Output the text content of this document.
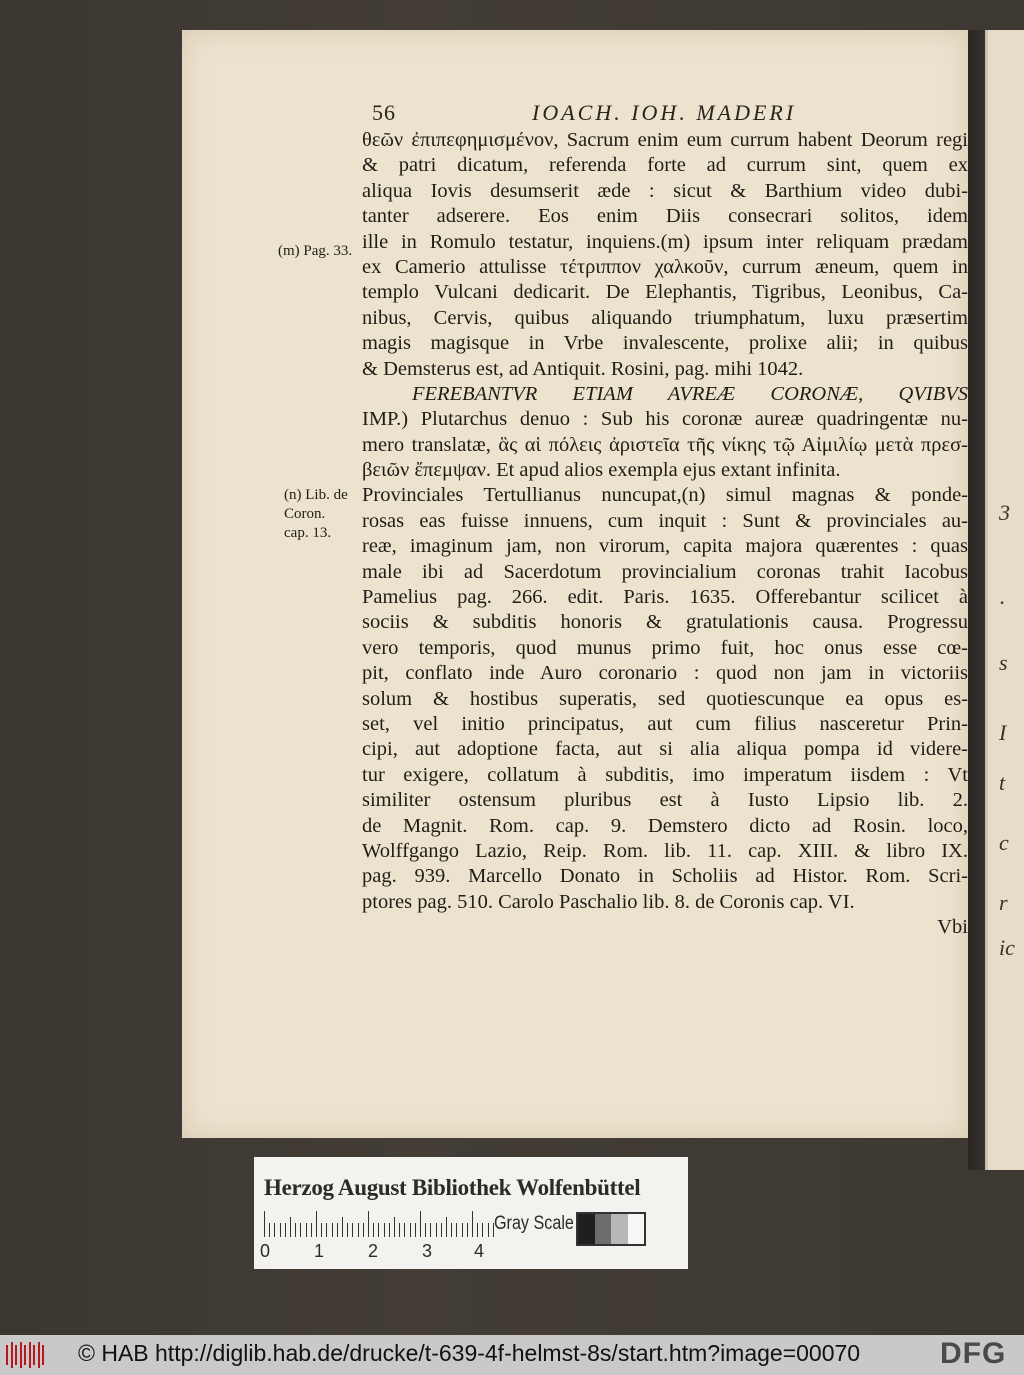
3
·
s
I
t
c
r
ic
56	IOACH. IOH. MADERI
(m) Pag. 33.
(n) Lib. de
Coron.
cap. 13.
θεῶν ἐπιπεφημισμένον, Sacrum enim eum currum habent Deorum regi
& patri dicatum, referenda forte ad currum sint, quem ex
aliqua Iovis desumserit æde : sicut & Barthium video dubi-
tanter adserere. Eos enim Diis consecrari solitos, idem
ille in Romulo testatur, inquiens.(m) ipsum inter reliquam prædam
ex Camerio attulisse τέτριππον χαλκοῦν, currum æneum, quem in
templo Vulcani dedicarit. De Elephantis, Tigribus, Leonibus, Ca-
nibus, Cervis, quibus aliquando triumphatum, luxu præsertim
magis magisque in Vrbe invalescente, prolixe alii; in quibus
& Demsterus est, ad Antiquit. Rosini, pag. mihi 1042.
FEREBANTVR ETIAM AVREÆ CORONÆ, QVIBVS
IMP.) Plutarchus denuo : Sub his coronæ aureæ quadringentæ nu-
mero translatæ, ἃς αἱ πόλεις ἀριστεῖα τῆς νίκης τῷ Αἰμιλίῳ μετὰ πρεσ-
βειῶν ἔπεμψαν. Et apud alios exempla ejus extant infinita.
Provinciales Tertullianus nuncupat,(n) simul magnas & ponde-
rosas eas fuisse innuens, cum inquit : Sunt & provinciales au-
reæ, imaginum jam, non virorum, capita majora quærentes : quas
male ibi ad Sacerdotum provincialium coronas trahit Iacobus
Pamelius pag. 266. edit. Paris. 1635. Offerebantur scilicet à
sociis & subditis honoris & gratulationis causa. Progressu
vero temporis, quod munus primo fuit, hoc onus esse cœ-
pit, conflato inde Auro coronario : quod non jam in victoriis
solum & hostibus superatis, sed quotiescunque ea opus es-
set, vel initio principatus, aut cum filius nasceretur Prin-
cipi, aut adoptione facta, aut si alia aliqua pompa id videre-
tur exigere, collatum à subditis, imo imperatum iisdem : Vt
similiter ostensum pluribus est à Iusto Lipsio lib. 2.
de Magnit. Rom. cap. 9. Demstero dicto ad Rosin. loco,
Wolffgango Lazio, Reip. Rom. lib. 11. cap. XIII. & libro IX.
pag. 939. Marcello Donato in Scholiis ad Histor. Rom. Scri-
ptores pag. 510. Carolo Paschalio lib. 8. de Coronis cap. VI.
Vbi
Herzog August Bibliothek Wolfenbüttel
0 1 2 3 4
Gray Scale
© HAB http://diglib.hab.de/drucke/t-639-4f-helmst-8s/start.htm?image=00070	DFG
